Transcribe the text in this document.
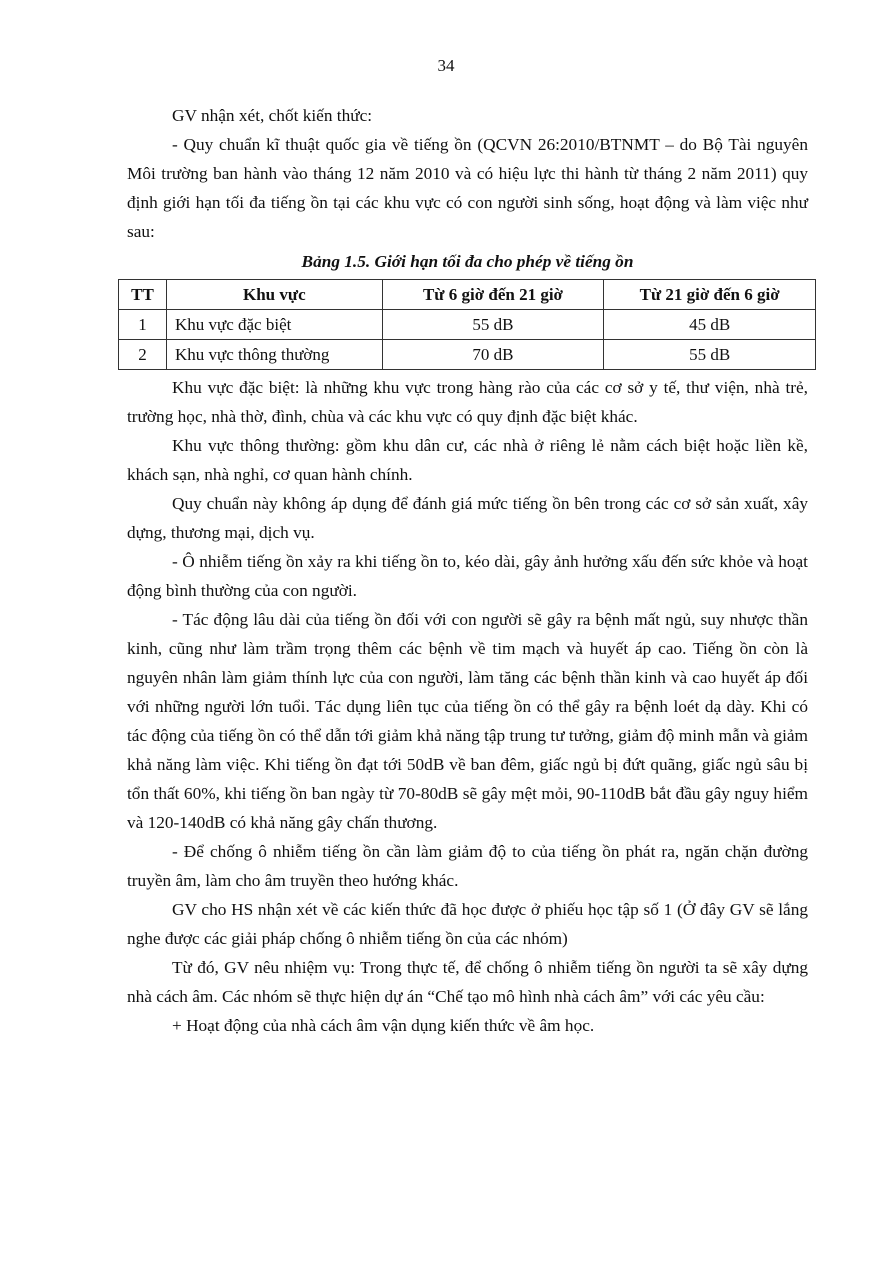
34

GV nhận xét, chốt kiến thức:

- Quy chuẩn kĩ thuật quốc gia về tiếng ồn (QCVN 26:2010/BTNMT – do Bộ Tài nguyên Môi trường ban hành vào tháng 12 năm 2010 và có hiệu lực thi hành từ tháng 2 năm 2011) quy định giới hạn tối đa tiếng ồn tại các khu vực có con người sinh sống, hoạt động và làm việc như sau:

Bảng 1.5. Giới hạn tối đa cho phép về tiếng ồn
TT	Khu vực	Từ 6 giờ đến 21 giờ	Từ 21 giờ đến 6 giờ
1	Khu vực đặc biệt	55 dB	45 dB
2	Khu vực thông thường	70 dB	55 dB

Khu vực đặc biệt: là những khu vực trong hàng rào của các cơ sở y tế, thư viện, nhà trẻ, trường học, nhà thờ, đình, chùa và các khu vực có quy định đặc biệt khác.

Khu vực thông thường: gồm khu dân cư, các nhà ở riêng lẻ nằm cách biệt hoặc liền kề, khách sạn, nhà nghỉ, cơ quan hành chính.

Quy chuẩn này không áp dụng để đánh giá mức tiếng ồn bên trong các cơ sở sản xuất, xây dựng, thương mại, dịch vụ.

- Ô nhiễm tiếng ồn xảy ra khi tiếng ồn to, kéo dài, gây ảnh hưởng xấu đến sức khỏe và hoạt động bình thường của con người.

- Tác động lâu dài của tiếng ồn đối với con người sẽ gây ra bệnh mất ngủ, suy nhược thần kinh, cũng như làm trầm trọng thêm các bệnh về tim mạch và huyết áp cao. Tiếng ồn còn là nguyên nhân làm giảm thính lực của con người, làm tăng các bệnh thần kinh và cao huyết áp đối với những người lớn tuổi. Tác dụng liên tục của tiếng ồn có thể gây ra bệnh loét dạ dày. Khi có tác động của tiếng ồn có thể dẫn tới giảm khả năng tập trung tư tưởng, giảm độ minh mẫn và giảm khả năng làm việc. Khi tiếng ồn đạt tới 50dB về ban đêm, giấc ngủ bị đứt quãng, giấc ngủ sâu bị tổn thất 60%, khi tiếng ồn ban ngày từ 70-80dB sẽ gây mệt mỏi, 90-110dB bắt đầu gây nguy hiểm và 120-140dB có khả năng gây chấn thương.

- Để chống ô nhiễm tiếng ồn cần làm giảm độ to của tiếng ồn phát ra, ngăn chặn đường truyền âm, làm cho âm truyền theo hướng khác.

GV cho HS nhận xét về các kiến thức đã học được ở phiếu học tập số 1 (Ở đây GV sẽ lắng nghe được các giải pháp chống ô nhiễm tiếng ồn của các nhóm)

Từ đó, GV nêu nhiệm vụ: Trong thực tế, để chống ô nhiễm tiếng ồn người ta sẽ xây dựng nhà cách âm. Các nhóm sẽ thực hiện dự án “Chế tạo mô hình nhà cách âm” với các yêu cầu:

+ Hoạt động của nhà cách âm vận dụng kiến thức về âm học.
